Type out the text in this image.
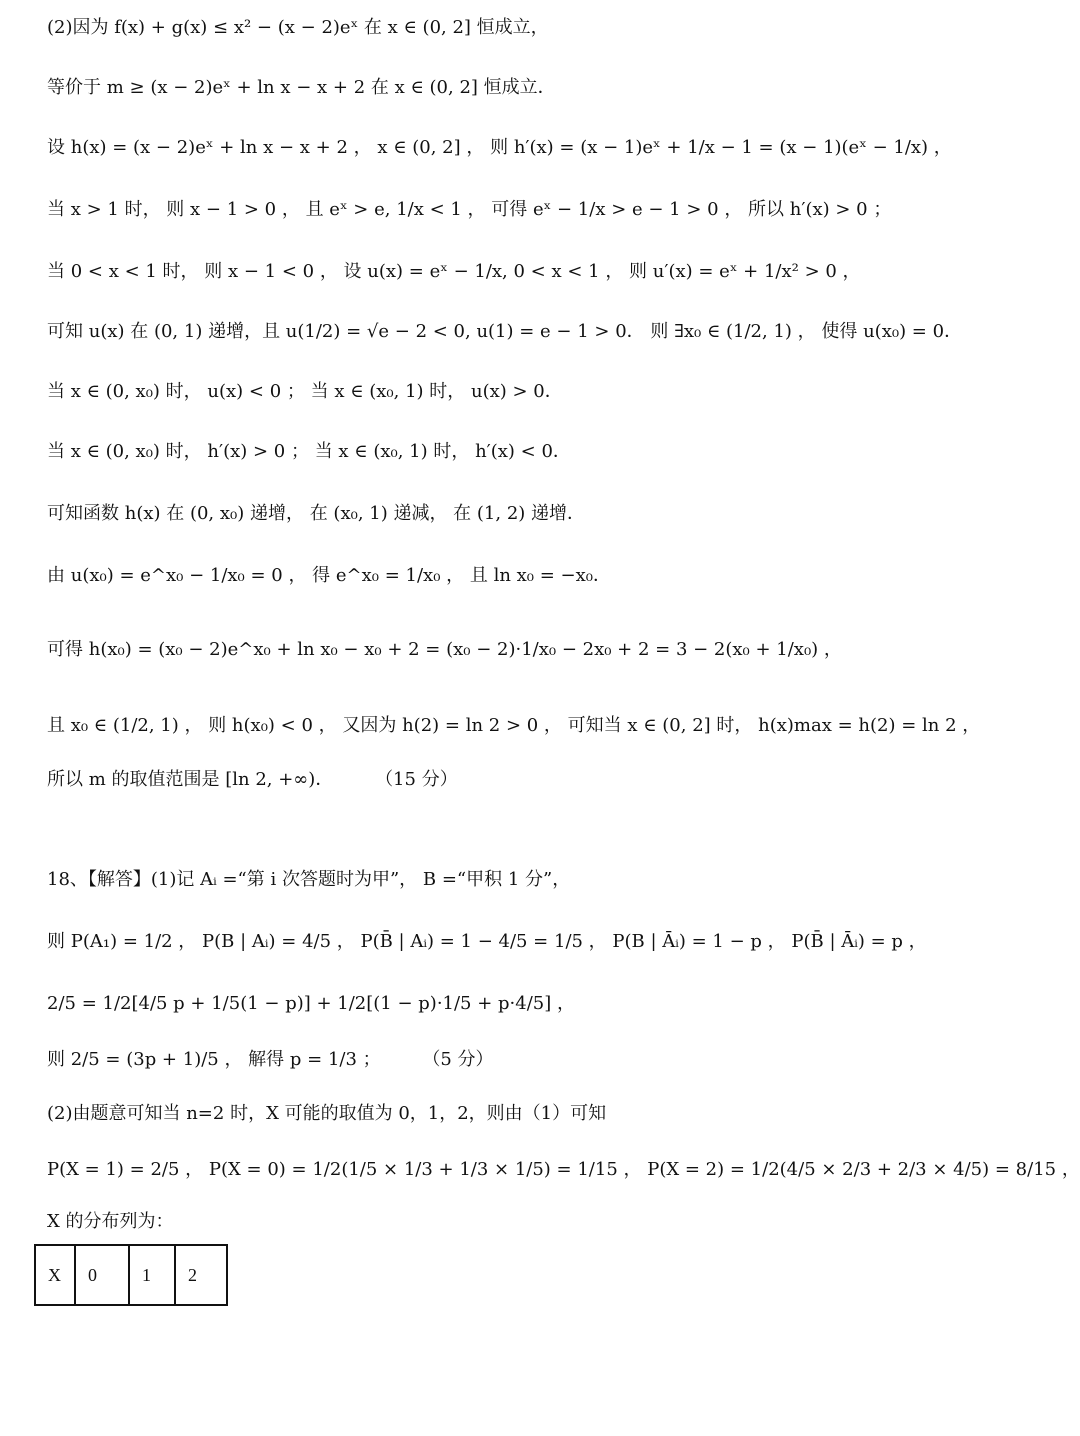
(2)因为 f(x) + g(x) ≤ x² − (x − 2)eˣ 在 x ∈ (0, 2] 恒成立，
等价于 m ≥ (x − 2)eˣ + ln x − x + 2 在 x ∈ (0, 2] 恒成立．
设 h(x) = (x − 2)eˣ + ln x − x + 2 ， x ∈ (0, 2] ， 则 h′(x) = (x − 1)eˣ + 1/x − 1 = (x − 1)(eˣ − 1/x) ，
当 x > 1 时， 则 x − 1 > 0 ， 且 eˣ > e, 1/x < 1 ， 可得 eˣ − 1/x > e − 1 > 0 ， 所以 h′(x) > 0 ；
当 0 < x < 1 时， 则 x − 1 < 0 ， 设 u(x) = eˣ − 1/x, 0 < x < 1 ， 则 u′(x) = eˣ + 1/x² > 0 ，
可知 u(x) 在 (0, 1) 递增，且 u(1/2) = √e − 2 < 0, u(1) = e − 1 > 0． 则 ∃x₀ ∈ (1/2, 1) ， 使得 u(x₀) = 0．
当 x ∈ (0, x₀) 时， u(x) < 0 ； 当 x ∈ (x₀, 1) 时， u(x) > 0．
当 x ∈ (0, x₀) 时， h′(x) > 0 ； 当 x ∈ (x₀, 1) 时， h′(x) < 0．
可知函数 h(x) 在 (0, x₀) 递增， 在 (x₀, 1) 递减， 在 (1, 2) 递增．
由 u(x₀) = e^x₀ − 1/x₀ = 0 ， 得 e^x₀ = 1/x₀ ， 且 ln x₀ = −x₀．
可得 h(x₀) = (x₀ − 2)e^x₀ + ln x₀ − x₀ + 2 = (x₀ − 2)·1/x₀ − 2x₀ + 2 = 3 − 2(x₀ + 1/x₀) ，
且 x₀ ∈ (1/2, 1) ， 则 h(x₀) < 0 ， 又因为 h(2) = ln 2 > 0 ， 可知当 x ∈ (0, 2] 时， h(x)max = h(2) = ln 2 ，
所以 m 的取值范围是 [ln 2, +∞)． （15 分）
18、【解答】(1)记 Aᵢ =“第 i 次答题时为甲”， B =“甲积 1 分”，
则 P(A₁) = 1/2 ， P(B | Aᵢ) = 4/5 ， P(B̄ | Aᵢ) = 1 − 4/5 = 1/5 ， P(B | Āᵢ) = 1 − p ， P(B̄ | Āᵢ) = p ，
2/5 = 1/2[4/5 p + 1/5(1 − p)] + 1/2[(1 − p)·1/5 + p·4/5] ，
则 2/5 = (3p + 1)/5 ， 解得 p = 1/3 ； （5 分）
(2)由题意可知当 n=2 时，X 可能的取值为 0，1，2，则由（1）可知
P(X = 1) = 2/5 ， P(X = 0) = 1/2(1/5 × 1/3 + 1/3 × 1/5) = 1/15 ， P(X = 2) = 1/2(4/5 × 2/3 + 2/3 × 4/5) = 8/15 ，
X 的分布列为：
X	0	1	2
